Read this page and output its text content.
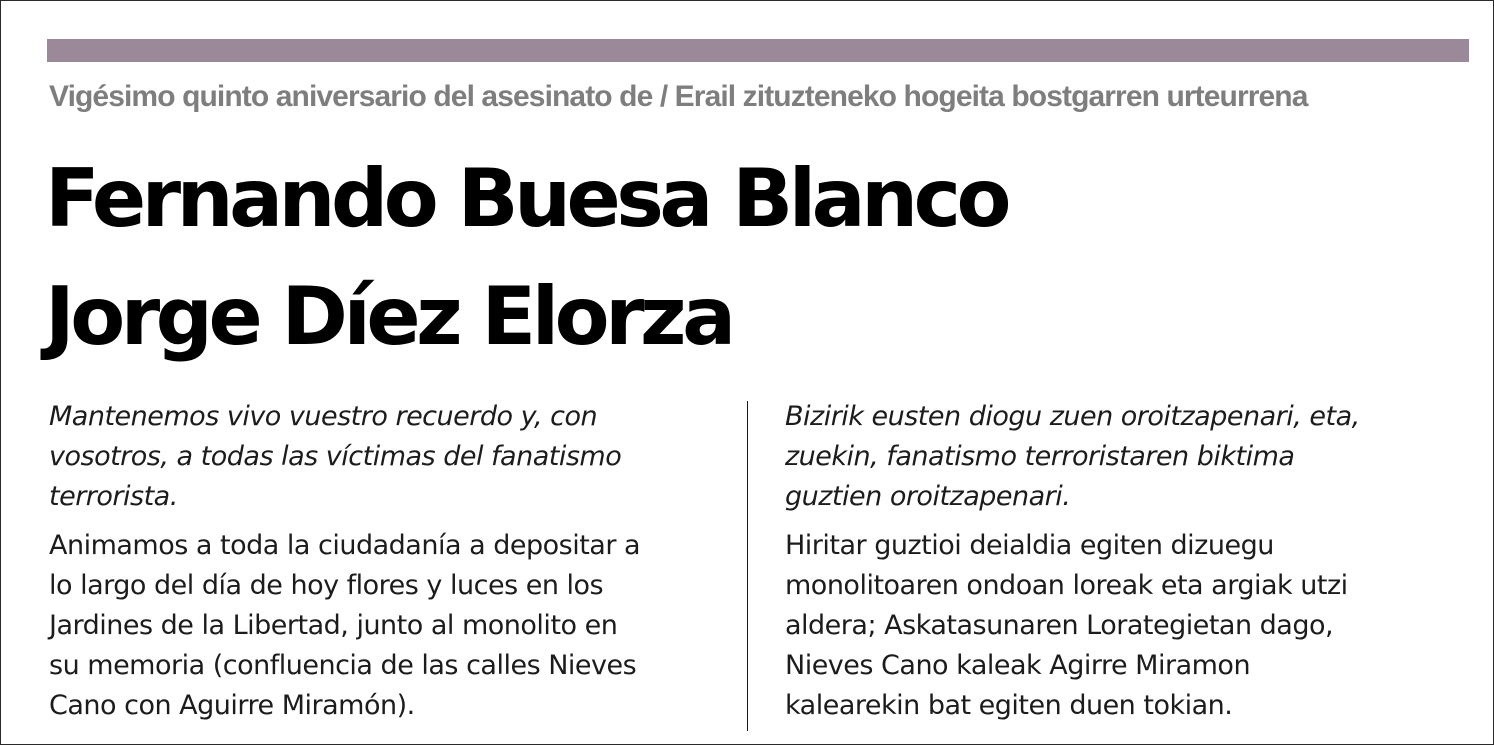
Vigésimo quinto aniversario del asesinato de / Erail zituzteneko hogeita bostgarren urteurrena
Fernando Buesa Blanco
Jorge Díez Elorza

Mantenemos vivo vuestro recuerdo y, con

vosotros, a todas las víctimas del fanatismo

terrorista.

Animamos a toda la ciudadanía a depositar a

lo largo del día de hoy flores y luces en los

Jardines de la Libertad, junto al monolito en

su memoria (confluencia de las calles Nieves

Cano con Aguirre Miramón).

Bizirik eusten diogu zuen oroitzapenari, eta,

zuekin, fanatismo terroristaren biktima

guztien oroitzapenari.

Hiritar guztioi deialdia egiten dizuegu

monolitoaren ondoan loreak eta argiak utzi

aldera; Askatasunaren Lorategietan dago,

Nieves Cano kaleak Agirre Miramon

kalearekin bat egiten duen tokian.
